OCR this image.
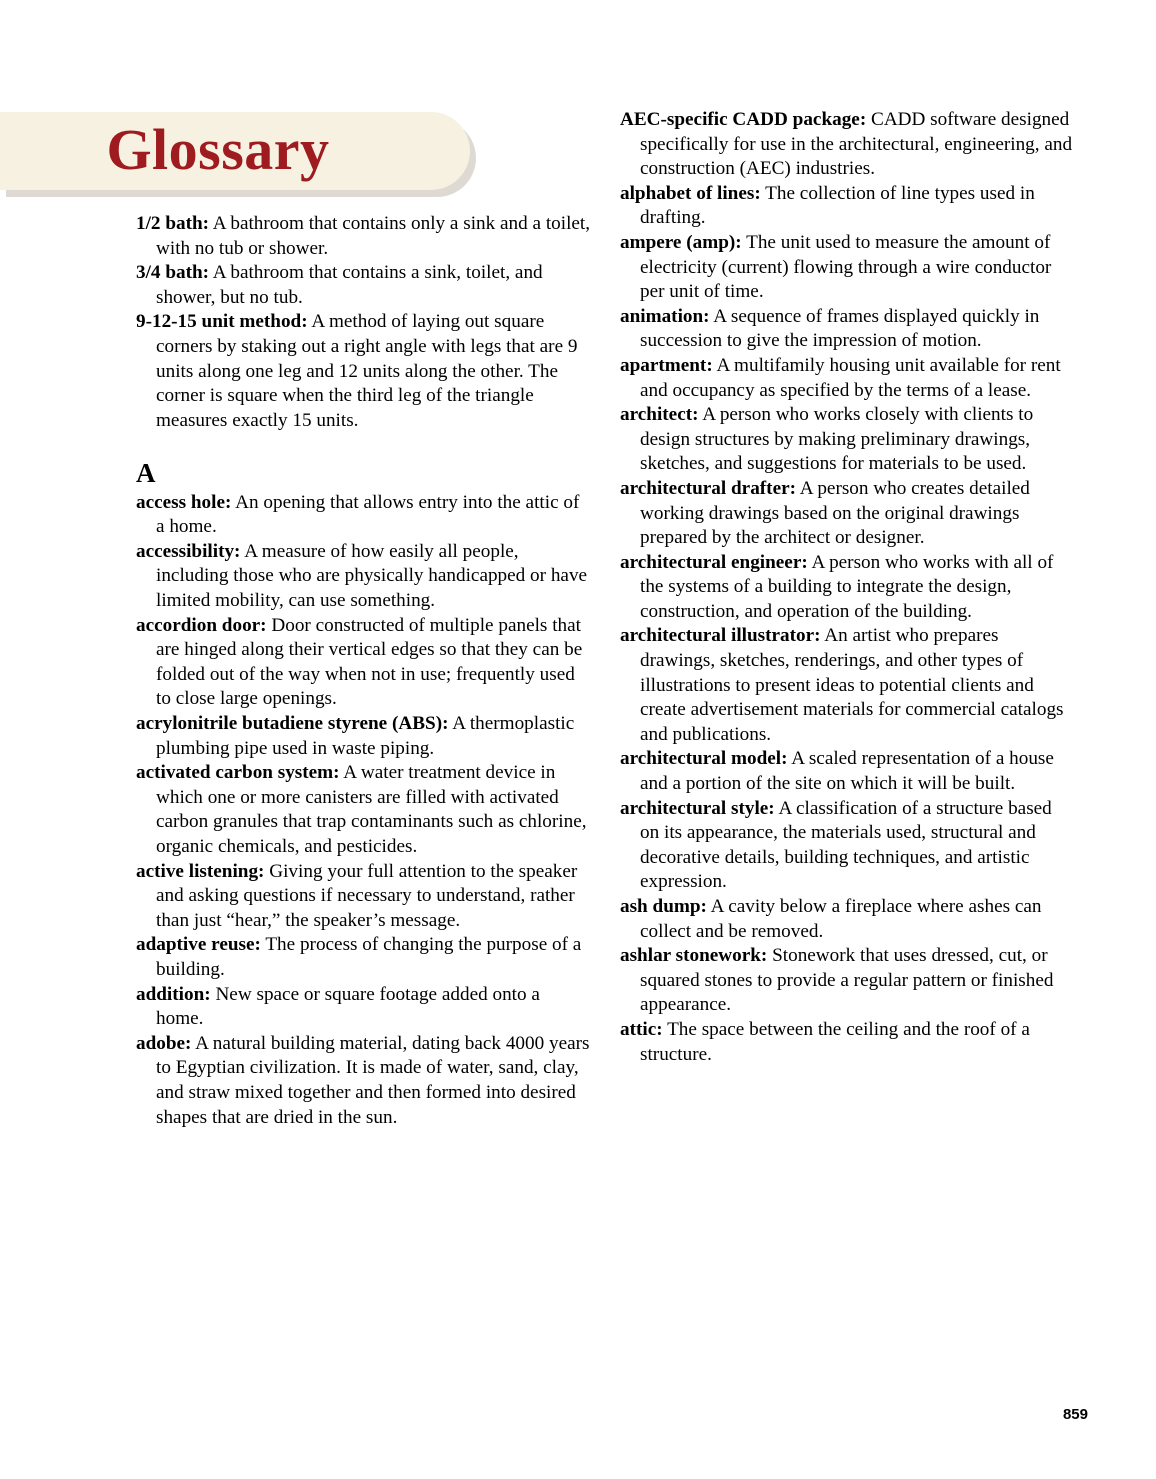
Glossary

1/2 bath: A bathroom that contains only a sink and a toilet, with no tub or shower.

3/4 bath: A bathroom that contains a sink, toilet, and shower, but no tub.

9-12-15 unit method: A method of laying out square corners by staking out a right angle with legs that are 9 units along one leg and 12 units along the other. The corner is square when the third leg of the triangle measures exactly 15 units.

A

access hole: An opening that allows entry into the attic of a home.

accessibility: A measure of how easily all people, including those who are physically handicapped or have limited mobility, can use something.

accordion door: Door constructed of multiple panels that are hinged along their vertical edges so that they can be folded out of the way when not in use; frequently used to close large openings.

acrylonitrile butadiene styrene (ABS): A thermoplastic plumbing pipe used in waste piping.

activated carbon system: A water treatment device in which one or more canisters are filled with activated carbon granules that trap contaminants such as chlorine, organic chemicals, and pesticides.

active listening: Giving your full attention to the speaker and asking questions if necessary to understand, rather than just “hear,” the speaker’s message.

adaptive reuse: The process of changing the purpose of a building.

addition: New space or square footage added onto a home.

adobe: A natural building material, dating back 4000 years to Egyptian civilization. It is made of water, sand, clay, and straw mixed together and then formed into desired shapes that are dried in the sun.

AEC-specific CADD package: CADD software designed specifically for use in the architectural, engineering, and construction (AEC) industries.

alphabet of lines: The collection of line types used in drafting.

ampere (amp): The unit used to measure the amount of electricity (current) flowing through a wire conductor per unit of time.

animation: A sequence of frames displayed quickly in succession to give the impression of motion.

apartment: A multifamily housing unit available for rent and occupancy as specified by the terms of a lease.

architect: A person who works closely with clients to design structures by making preliminary drawings, sketches, and suggestions for materials to be used.

architectural drafter: A person who creates detailed working drawings based on the original drawings prepared by the architect or designer.

architectural engineer: A person who works with all of the systems of a building to integrate the design, construction, and operation of the building.

architectural illustrator: An artist who prepares drawings, sketches, renderings, and other types of illustrations to present ideas to potential clients and create advertisement materials for commercial catalogs and publications.

architectural model: A scaled representation of a house and a portion of the site on which it will be built.

architectural style: A classification of a structure based on its appearance, the materials used, structural and decorative details, building techniques, and artistic expression.

ash dump: A cavity below a fireplace where ashes can collect and be removed.

ashlar stonework: Stonework that uses dressed, cut, or squared stones to provide a regular pattern or finished appearance.

attic: The space between the ceiling and the roof of a structure.

859
